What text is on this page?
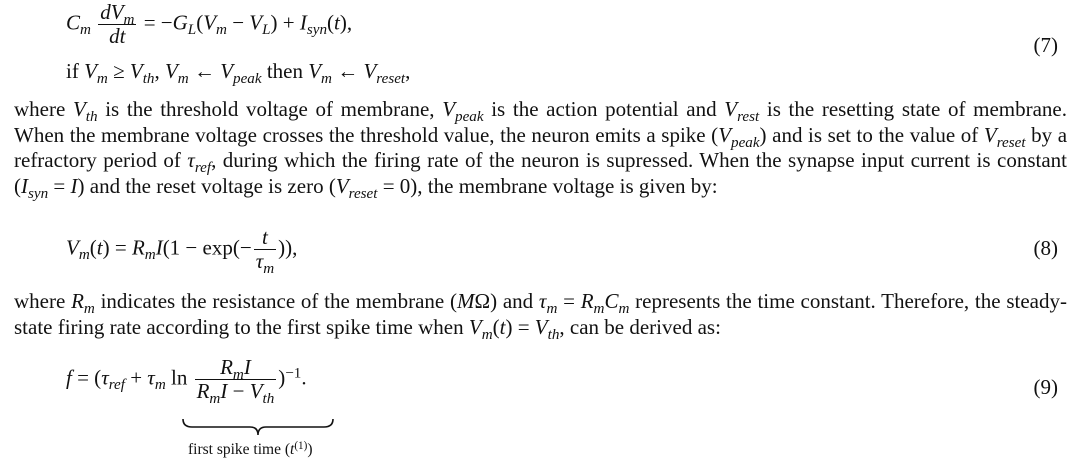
$C_m \frac{dV_m}{dt} = -G_L(V_m - V_L) + I_{syn}(t)$,
if $V_m \ge V_{th}$, $V_m$ ← $V_{peak}$ then $V_m$ ← $V_{reset}$,
(7)
where $V_{th}$ is the threshold voltage of membrane, $V_{peak}$ is the action potential and $V_{rest}$ is the resetting state of membrane. When the membrane voltage crosses the threshold value, the neuron emits a spike $(V_{peak})$ and is set to the value of $V_{reset}$ by a refractory period of $\tau_{ref}$, during which the firing rate of the neuron is supressed. When the synapse input current is constant $(I_{syn} = I)$ and the reset voltage is zero $(V_{reset} = 0)$, the membrane voltage is given by:
$V_m(t) = R_mI(1 - \exp(- \frac{t}{\tau_m}$ )),	(8)
where $R_m$ indicates the resistance of the membrane (MΩ) and $\tau_m = R_mC_m$ represents the time constant. Therefore, the steady-state firing rate according to the first spike time when $V_m(t) = V_{th}$, can be derived as:
$f = (\tau_{ref} + \tau_m$ $\ln \frac{R_mI}{R_mI - V_{th}} )^{-1}$.	(9)
first spike time $(t^{(1)})$
